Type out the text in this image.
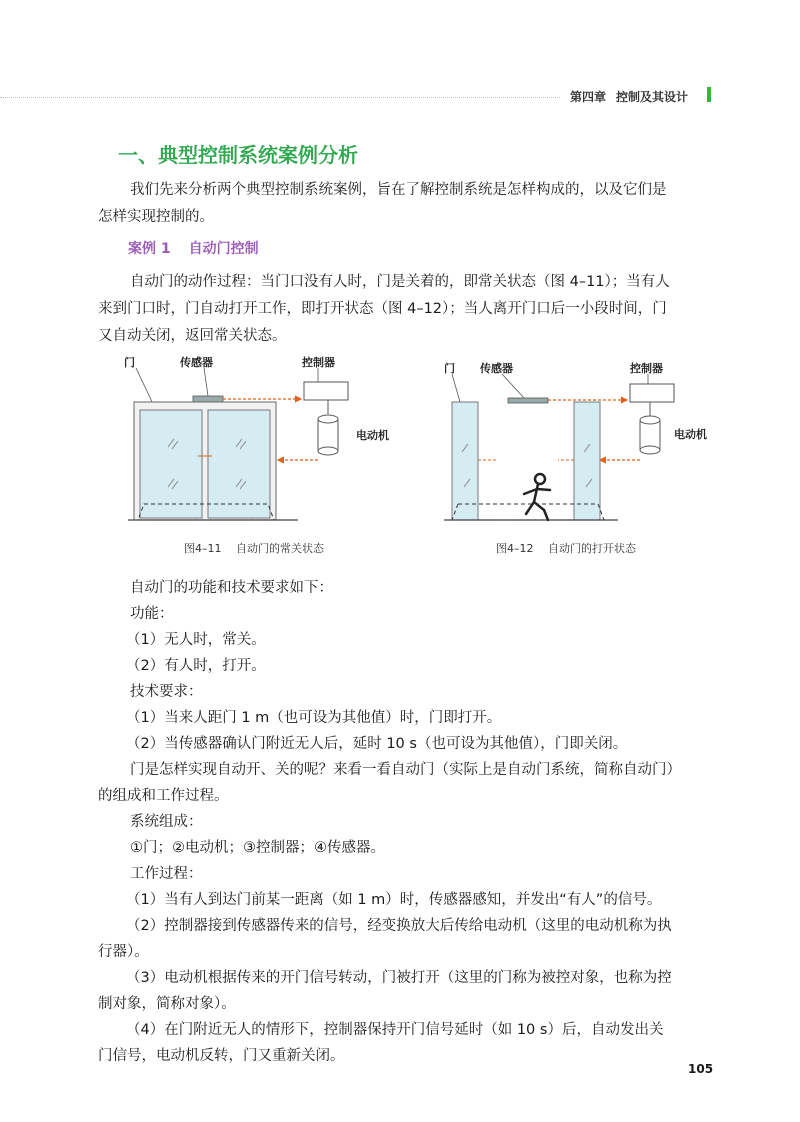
第四章 控制及其设计
一、典型控制系统案例分析
我们先来分析两个典型控制系统案例，旨在了解控制系统是怎样构成的，以及它们是
怎样实现控制的。
案例 1 自动门控制
自动门的动作过程：当门口没有人时，门是关着的，即常关状态（图 4–11）；当有人
来到门口时，门自动打开工作，即打开状态（图 4–12）；当人离开门口后一小段时间，门
又自动关闭，返回常关状态。
门	传感器	控制器
电动机
图4–11 自动门的常关状态
门 传感器	控制器
电动机
图4–12 自动门的打开状态
自动门的功能和技术要求如下：
功能：
（1）无人时，常关。
（2）有人时，打开。
技术要求：
（1）当来人距门 1 m（也可设为其他值）时，门即打开。
（2）当传感器确认门附近无人后，延时 10 s（也可设为其他值），门即关闭。
门是怎样实现自动开、关的呢？来看一看自动门（实际上是自动门系统，简称自动门）
的组成和工作过程。
系统组成：
①门；②电动机；③控制器；④传感器。
工作过程：
（1）当有人到达门前某一距离（如 1 m）时，传感器感知，并发出“有人”的信号。
（2）控制器接到传感器传来的信号，经变换放大后传给电动机（这里的电动机称为执
行器）。
（3）电动机根据传来的开门信号转动，门被打开（这里的门称为被控对象，也称为控
制对象，简称对象）。
（4）在门附近无人的情形下，控制器保持开门信号延时（如 10 s）后，自动发出关
门信号，电动机反转，门又重新关闭。
105
